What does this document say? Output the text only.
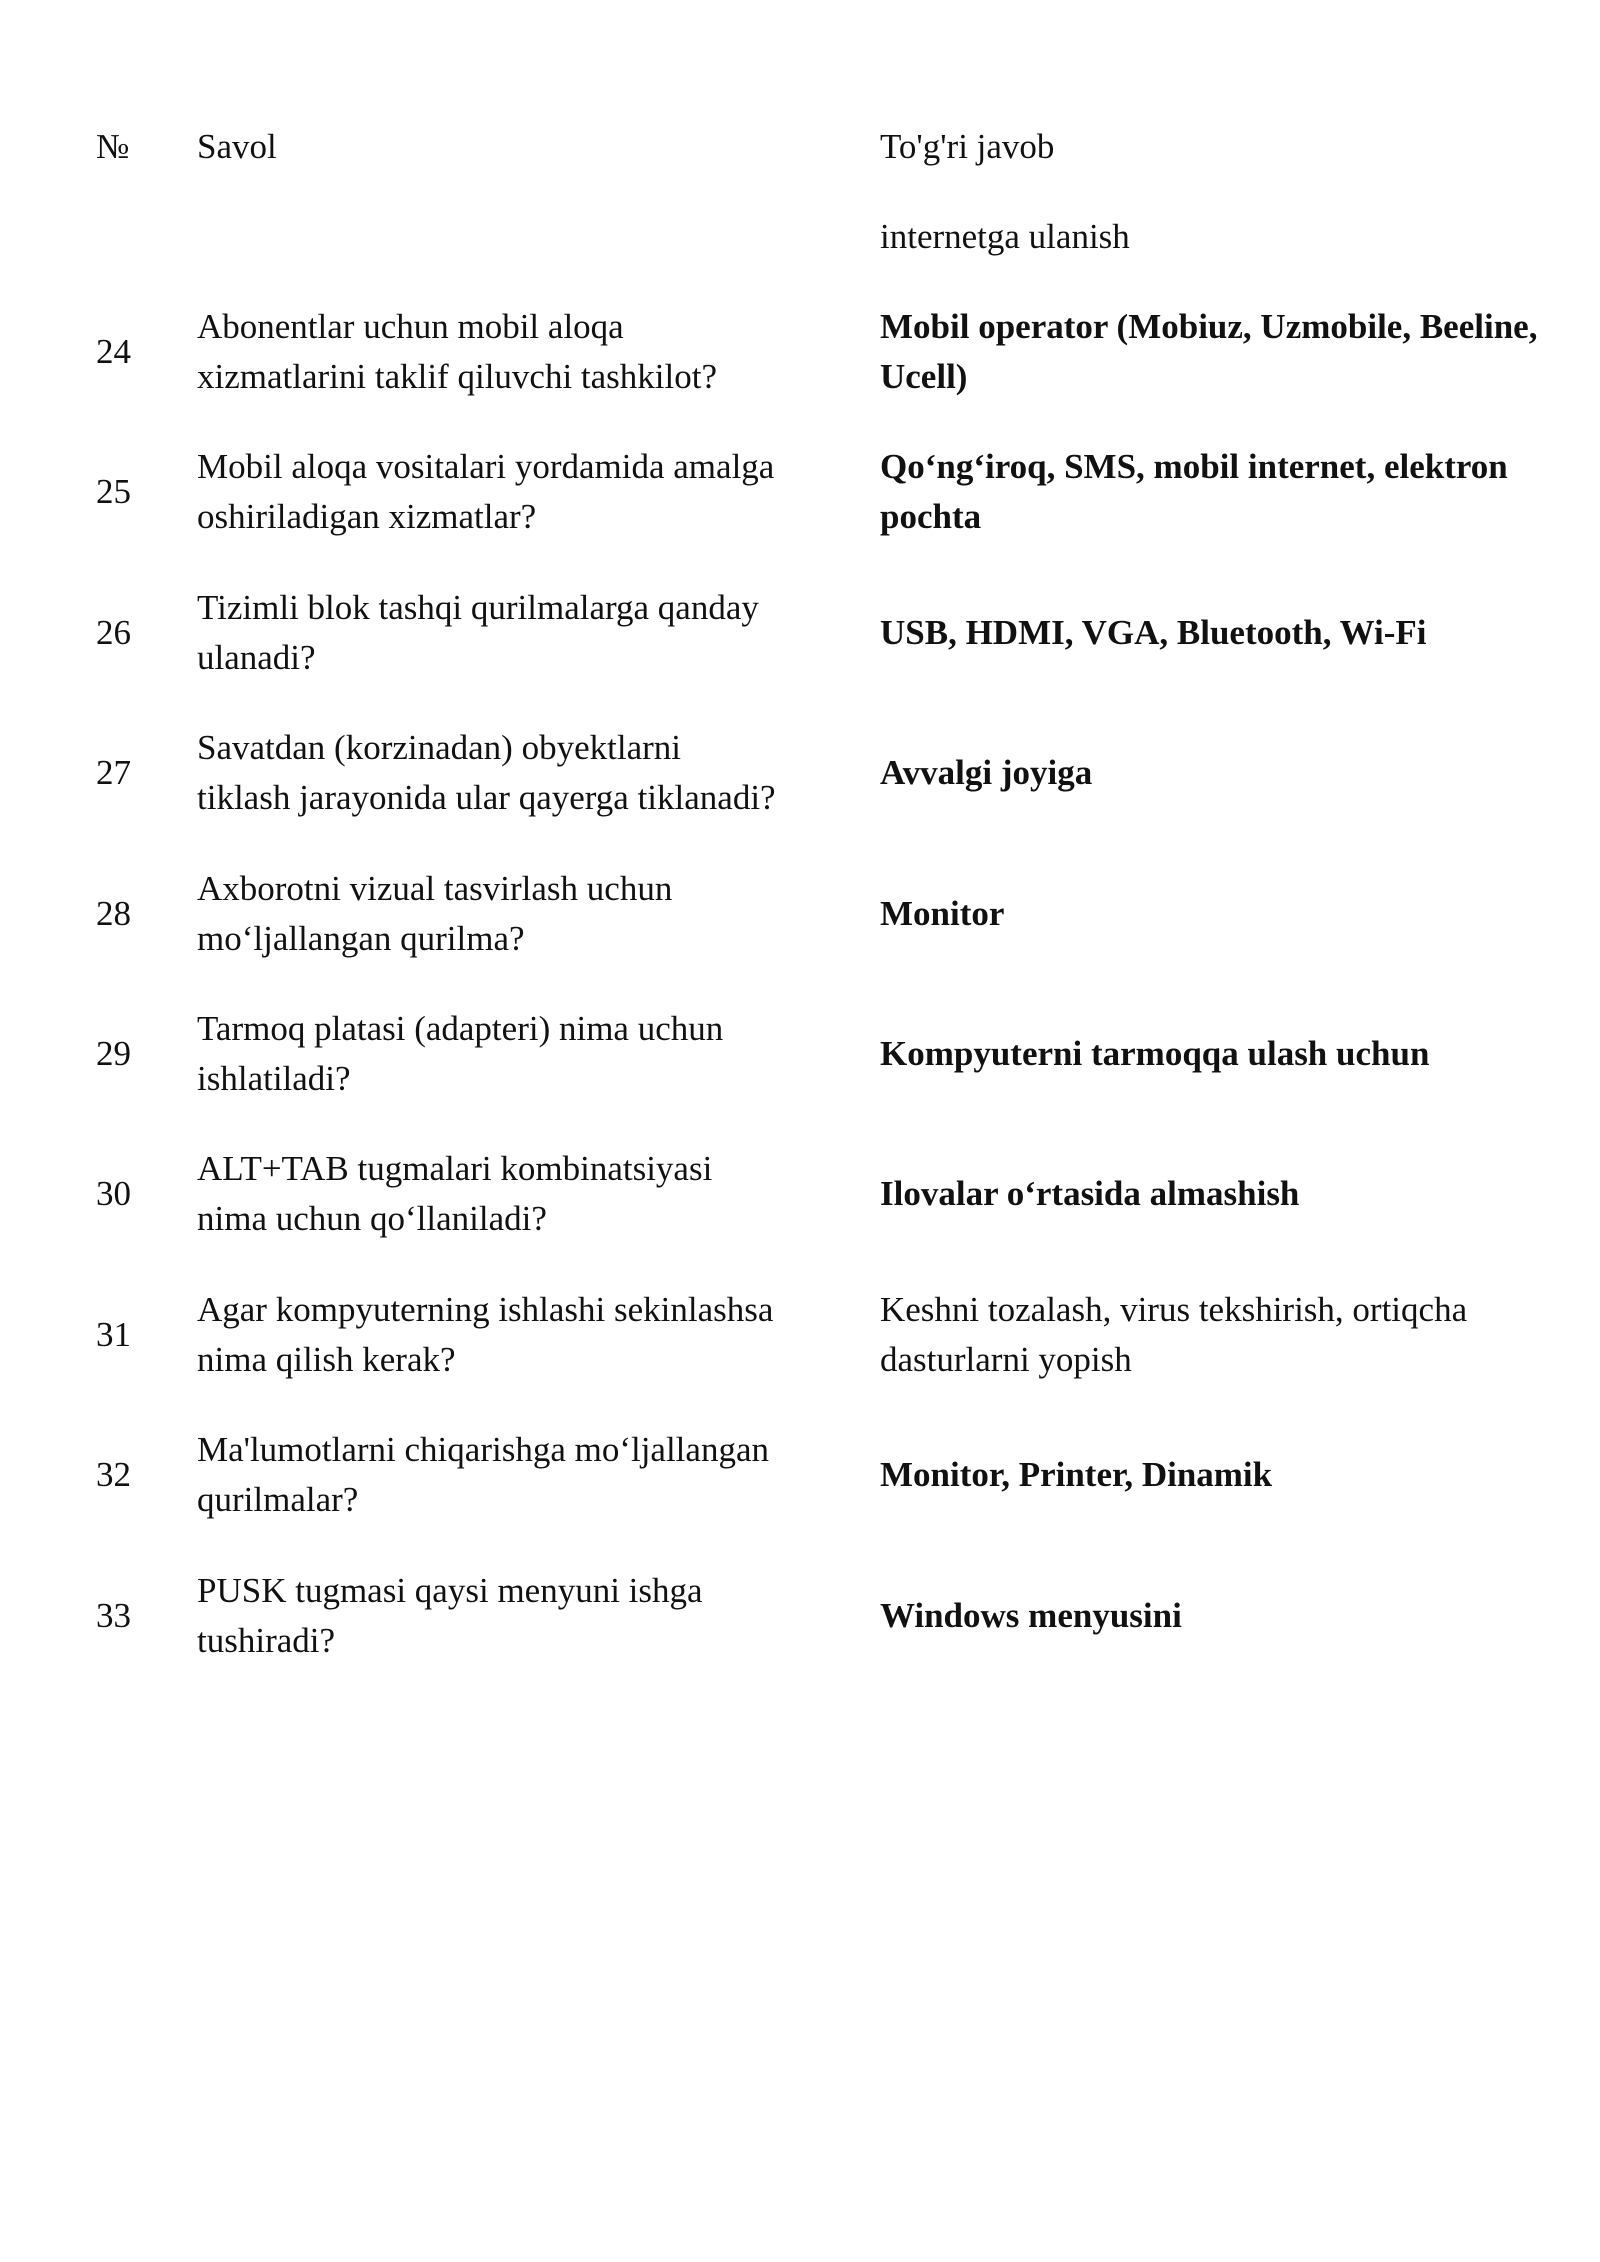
№	Savol	To'g'ri javob
internetga ulanish
24
Abonentlar uchun mobil aloqa
xizmatlarini taklif qiluvchi tashkilot?
Mobil operator (Mobiuz, Uzmobile, Beeline,
Ucell)
25
Mobil aloqa vositalari yordamida amalga
oshiriladigan xizmatlar?
Qo‘ng‘iroq, SMS, mobil internet, elektron
pochta
26
Tizimli blok tashqi qurilmalarga qanday
ulanadi?
USB, HDMI, VGA, Bluetooth, Wi-Fi
27
Savatdan (korzinadan) obyektlarni
tiklash jarayonida ular qayerga tiklanadi?
Avvalgi joyiga
28
Axborotni vizual tasvirlash uchun
mo‘ljallangan qurilma?
Monitor
29
Tarmoq platasi (adapteri) nima uchun
ishlatiladi?
Kompyuterni tarmoqqa ulash uchun
30
ALT+TAB tugmalari kombinatsiyasi
nima uchun qo‘llaniladi?
Ilovalar o‘rtasida almashish
31
Agar kompyuterning ishlashi sekinlashsa
nima qilish kerak?
Keshni tozalash, virus tekshirish, ortiqcha
dasturlarni yopish
32
Ma'lumotlarni chiqarishga mo‘ljallangan
qurilmalar?
Monitor, Printer, Dinamik
33
PUSK tugmasi qaysi menyuni ishga
tushiradi?
Windows menyusini
